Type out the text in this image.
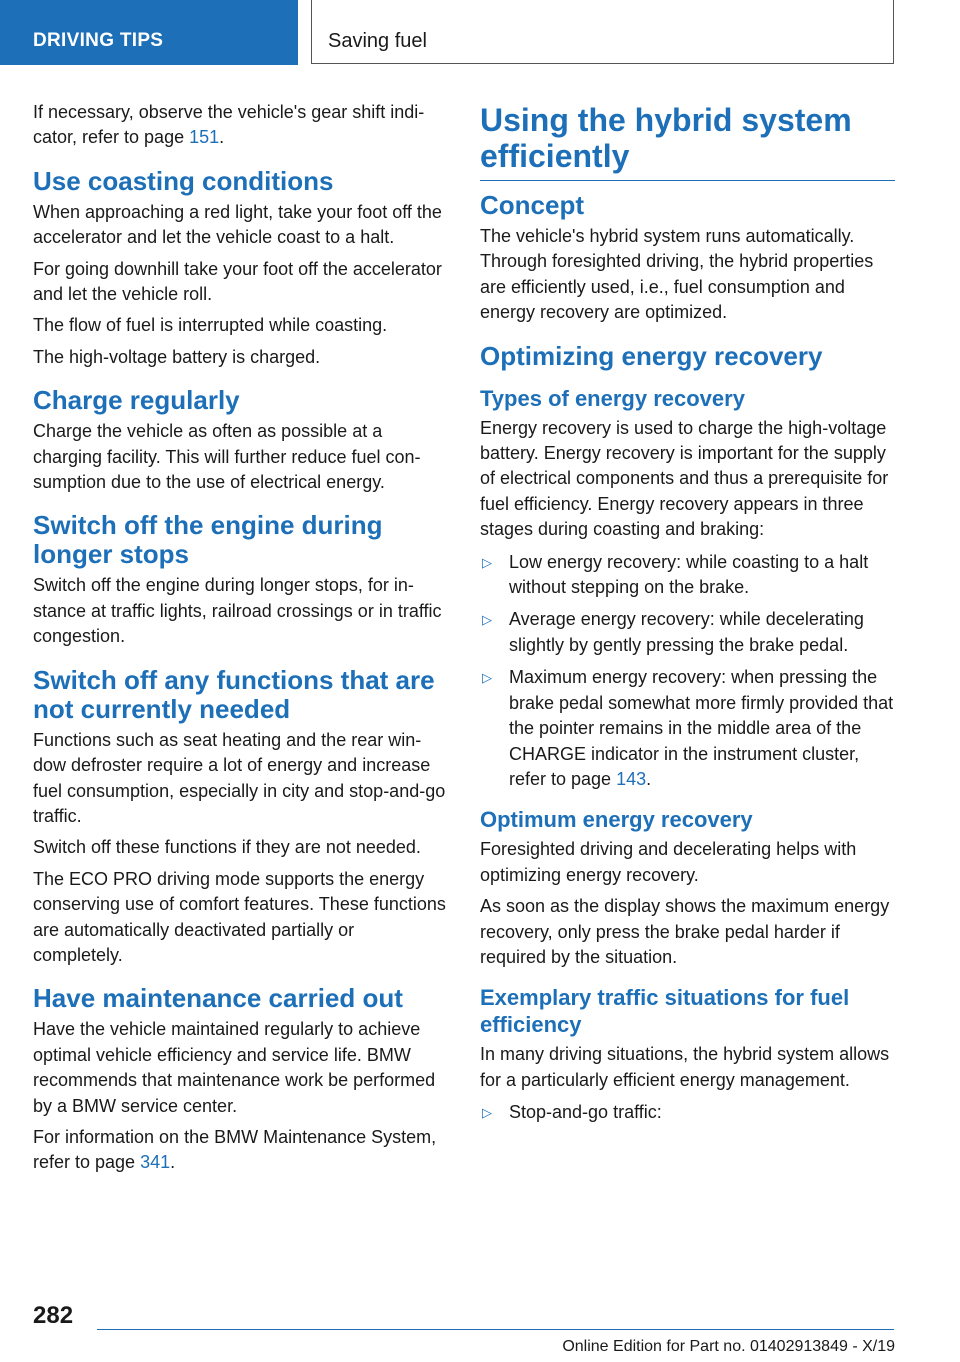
DRIVING TIPS	Saving fuel

If necessary, observe the vehicle's gear shift indicator, refer to page 151.

Use coasting conditions

When approaching a red light, take your foot off the accelerator and let the vehicle coast to a halt.

For going downhill take your foot off the accelerator and let the vehicle roll.

The flow of fuel is interrupted while coasting.

The high-voltage battery is charged.

Charge regularly

Charge the vehicle as often as possible at a charging facility. This will further reduce fuel consumption due to the use of electrical energy.

Switch off the engine during longer stops

Switch off the engine during longer stops, for instance at traffic lights, railroad crossings or in traffic congestion.

Switch off any functions that are not currently needed

Functions such as seat heating and the rear window defroster require a lot of energy and increase fuel consumption, especially in city and stop-and-go traffic.

Switch off these functions if they are not needed.

The ECO PRO driving mode supports the energy conserving use of comfort features. These functions are automatically deactivated partially or completely.

Have maintenance carried out

Have the vehicle maintained regularly to achieve optimal vehicle efficiency and service life. BMW recommends that maintenance work be performed by a BMW service center.

For information on the BMW Maintenance System, refer to page 341.

Using the hybrid system efficiently
Concept

The vehicle's hybrid system runs automatically. Through foresighted driving, the hybrid properties are efficiently used, i.e., fuel consumption and energy recovery are optimized.

Optimizing energy recovery
Types of energy recovery

Energy recovery is used to charge the high-voltage battery. Energy recovery is important for the supply of electrical components and thus a prerequisite for fuel efficiency. Energy recovery appears in three stages during coasting and braking:

▷ Low energy recovery: while coasting to a halt without stepping on the brake.
▷ Average energy recovery: while decelerating slightly by gently pressing the brake pedal.
▷ Maximum energy recovery: when pressing the brake pedal somewhat more firmly provided that the pointer remains in the middle area of the CHARGE indicator in the instrument cluster, refer to page 143.
Optimum energy recovery

Foresighted driving and decelerating helps with optimizing energy recovery.

As soon as the display shows the maximum energy recovery, only press the brake pedal harder if required by the situation.

Exemplary traffic situations for fuel efficiency

In many driving situations, the hybrid system allows for a particularly efficient energy management.

▷ Stop-and-go traffic:
282
Online Edition for Part no. 01402913849 - X/19
